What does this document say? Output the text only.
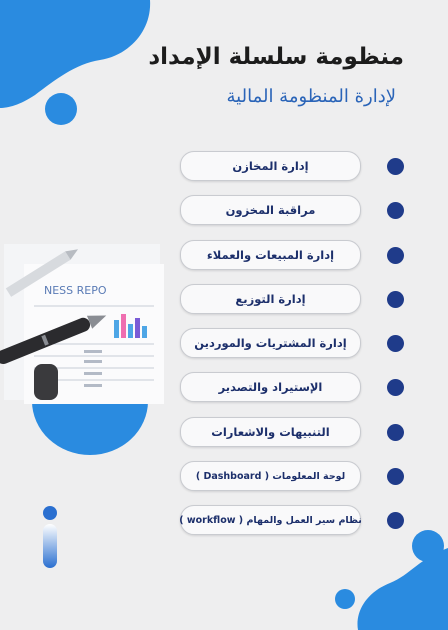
منظومة سلسلة الإمداد
لإدارة المنظومة المالية
NESS REPO
إدارة المخازن
مراقبة المخزون
إدارة المبيعات والعملاء
إدارة التوزيع
إدارة المشتريات والموردين
الإستيراد والتصدير
التنبيهات والاشعارات
لوحة المعلومات ( Dashboard )
نظام سير العمل والمهام ( workflow )
